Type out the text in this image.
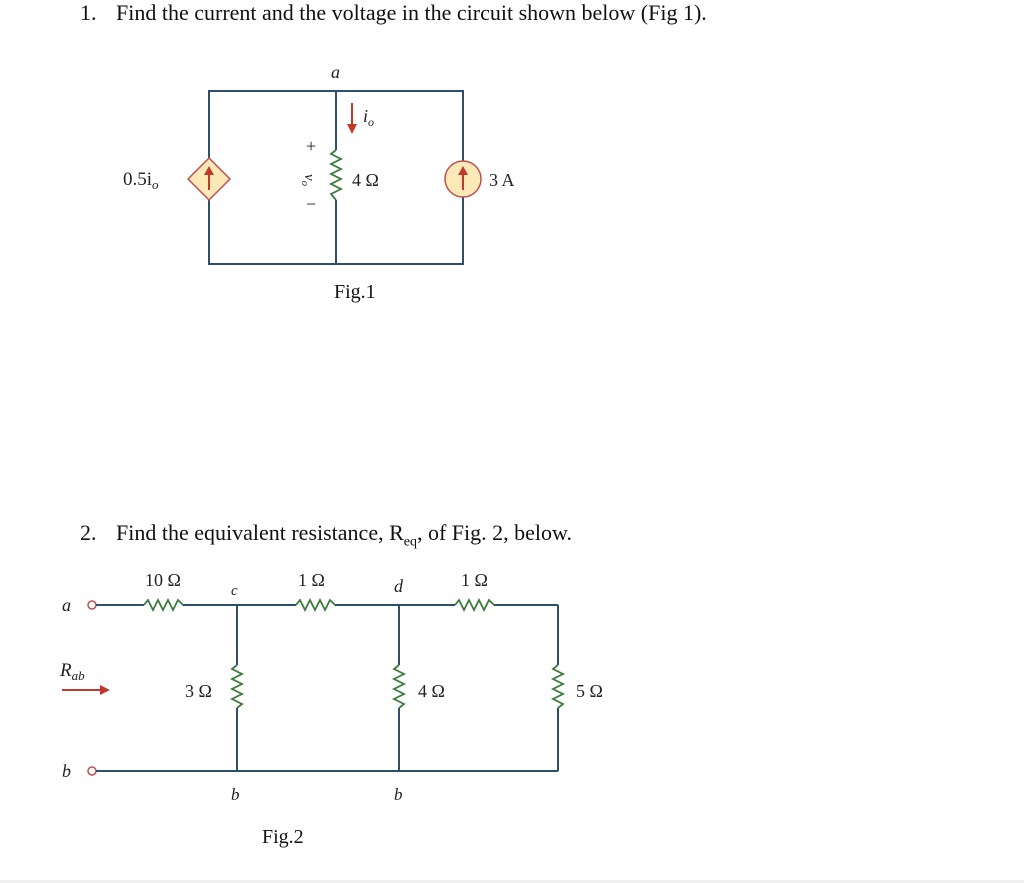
1. Find the current and the voltage in the circuit shown below (Fig 1).
a
$0.5i_o$
$i_o$
+
$v_o$
−
4 Ω	3 A
Fig.1
2. Find the equivalent resistance, $R_{eq}$, of Fig. 2, below.
a
b
$R_{ab}$
10 Ω
c
1 Ω	d	1 Ω
3 Ω	4 Ω	5 Ω
b	b
Fig.2
